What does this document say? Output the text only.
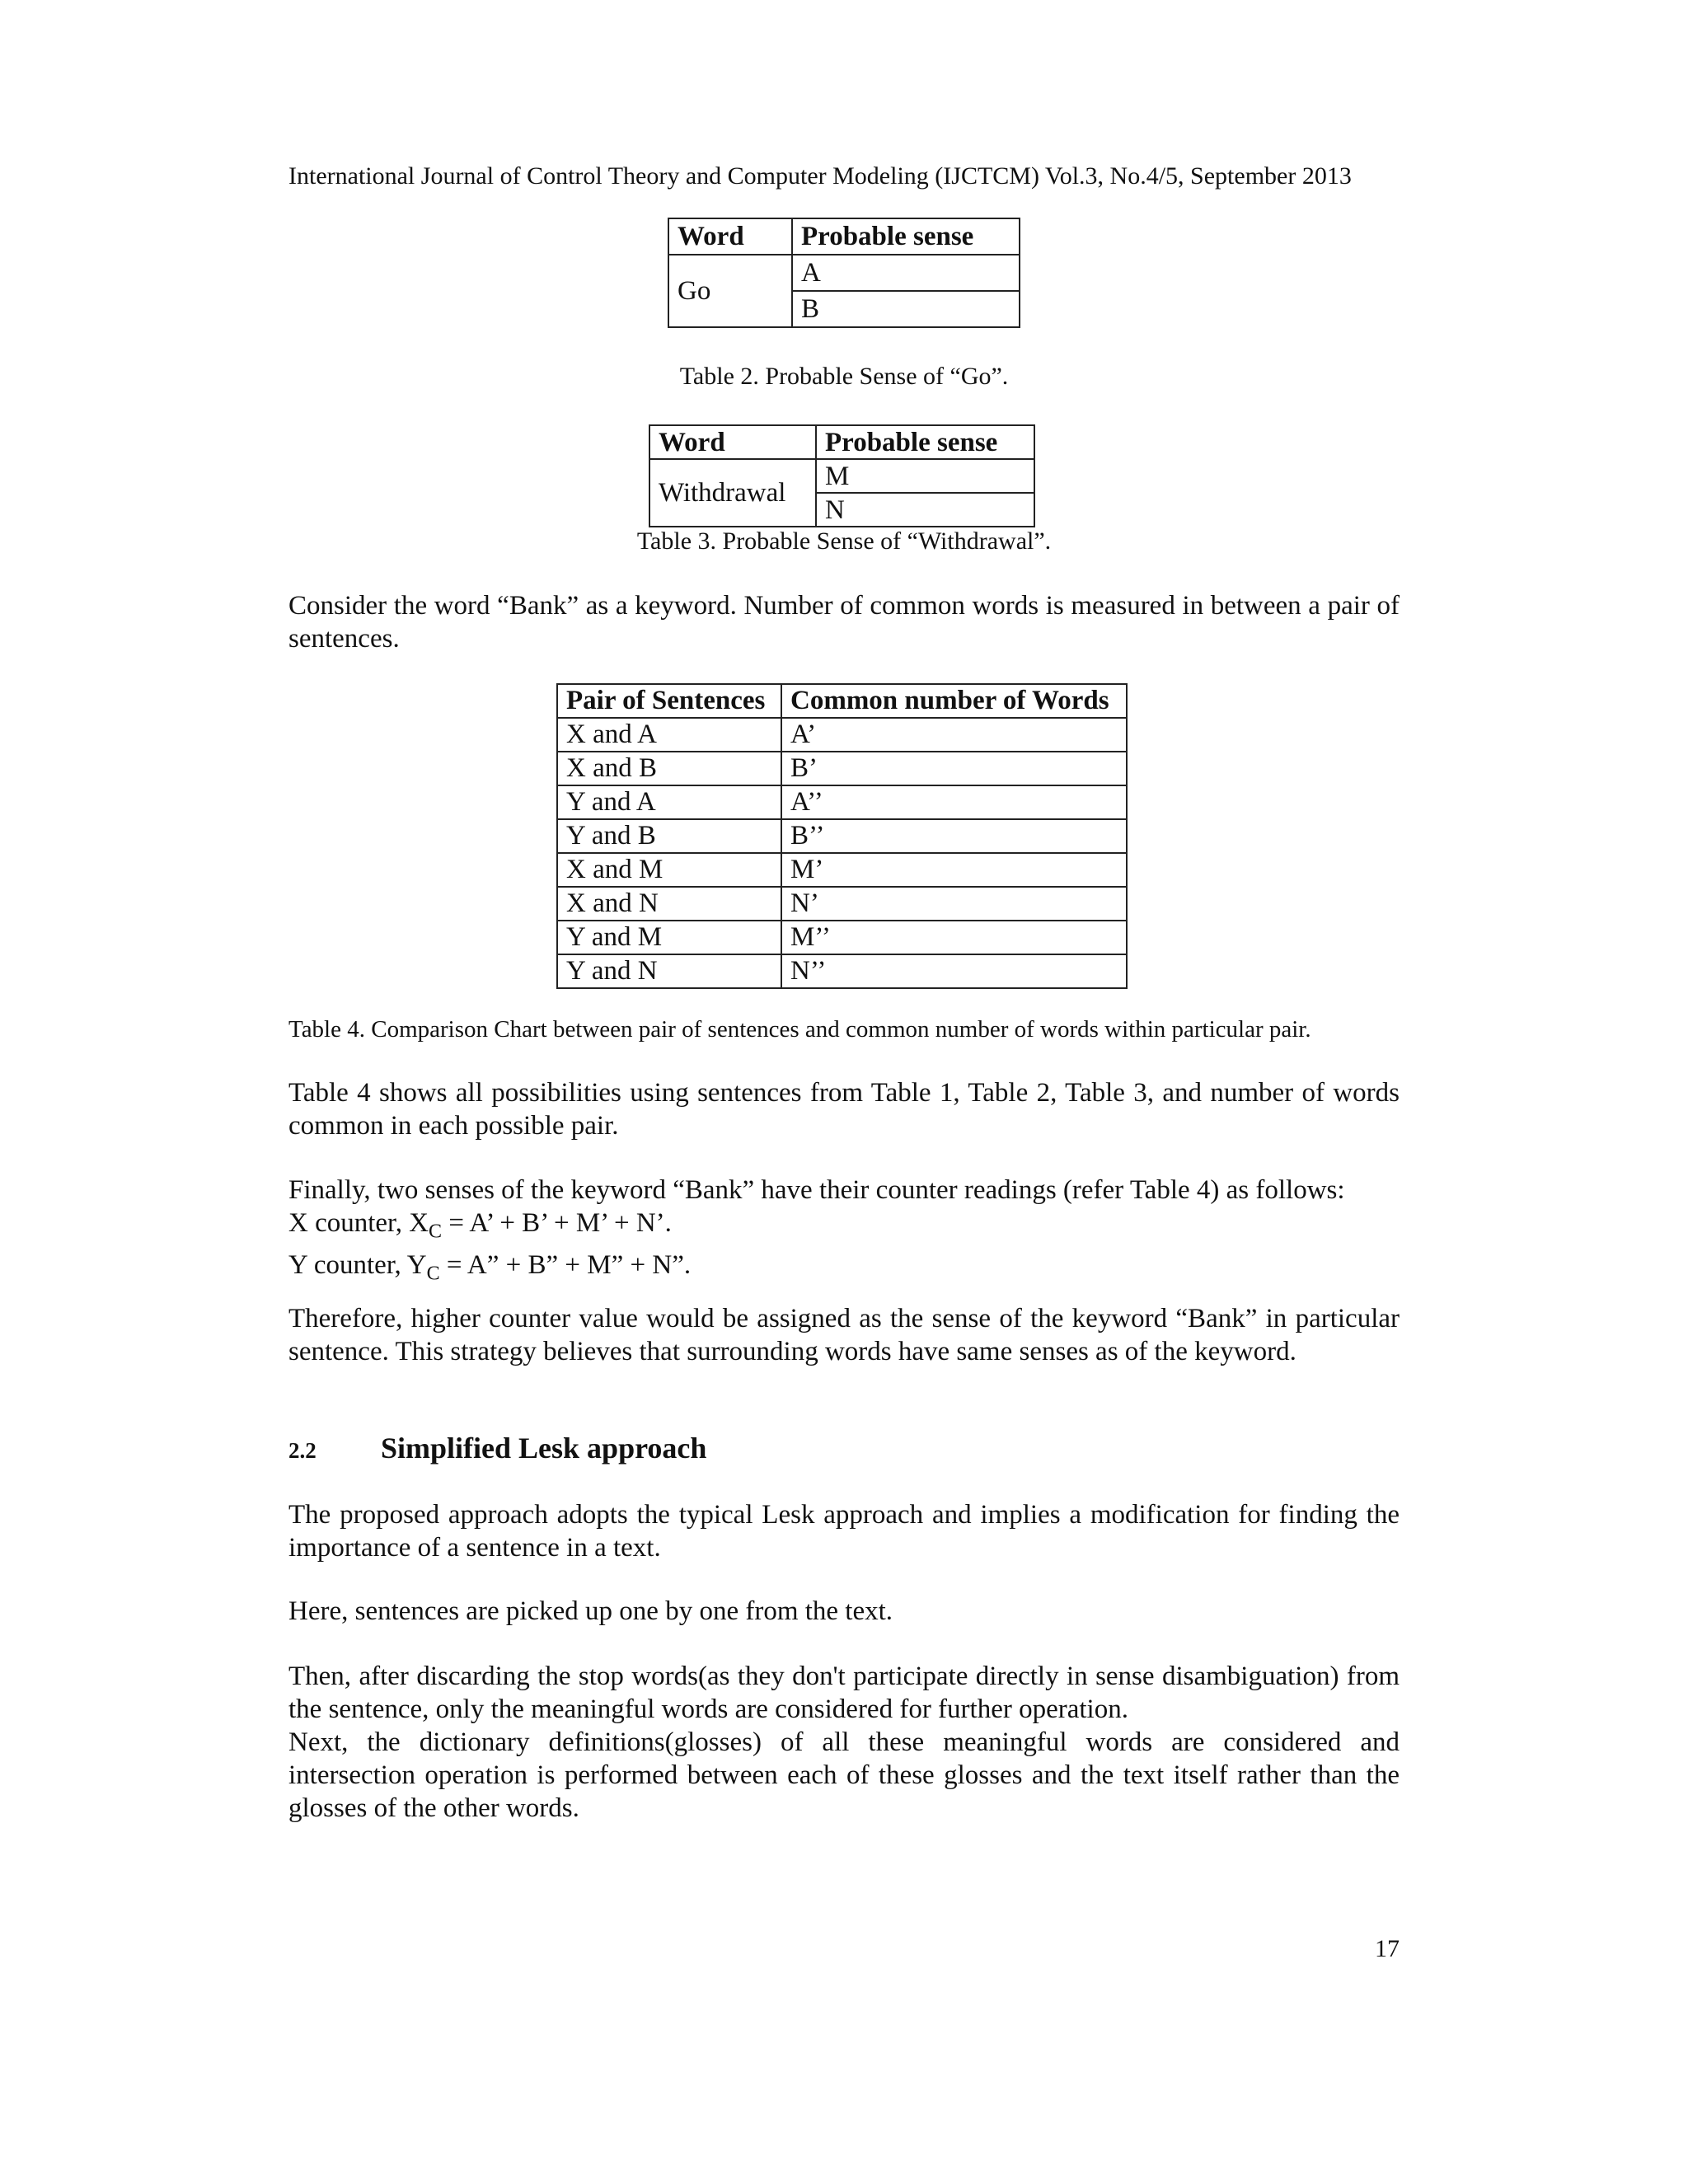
International Journal of Control Theory and Computer Modeling (IJCTCM) Vol.3, No.4/5, September 2013
Word	Probable sense
Go	A
	B
Table 2. Probable Sense of “Go”.
Word	Probable sense
Withdrawal	M
	N
Table 3. Probable Sense of “Withdrawal”.

Consider the word “Bank” as a keyword. Number of common words is measured in between a pair of sentences.

Pair of Sentences	Common number of Words
X and A	A’
X and B	B’
Y and A	A’’
Y and B	B’’
X and M	M’
X and N	N’
Y and M	M’’
Y and N	N’’
Table 4. Comparison Chart between pair of sentences and common number of words within particular pair.

Table 4 shows all possibilities using sentences from Table 1, Table 2, Table 3, and number of words common in each possible pair.

Finally, two senses of the keyword “Bank” have their counter readings (refer Table 4) as follows:

X counter, $X_C = A$’ + B’ + M’ + N’.

Y counter, $Y_C = A$” + B” + M” + N”.

Therefore, higher counter value would be assigned as the sense of the keyword “Bank” in particular sentence. This strategy believes that surrounding words have same senses as of the keyword.

2.2 Simplified Lesk approach

The proposed approach adopts the typical Lesk approach and implies a modification for finding the importance of a sentence in a text.

Here, sentences are picked up one by one from the text.

Then, after discarding the stop words(as they don't participate directly in sense disambiguation) from the sentence, only the meaningful words are considered for further operation.

Next, the dictionary definitions(glosses) of all these meaningful words are considered and intersection operation is performed between each of these glosses and the text itself rather than the glosses of the other words.

17
